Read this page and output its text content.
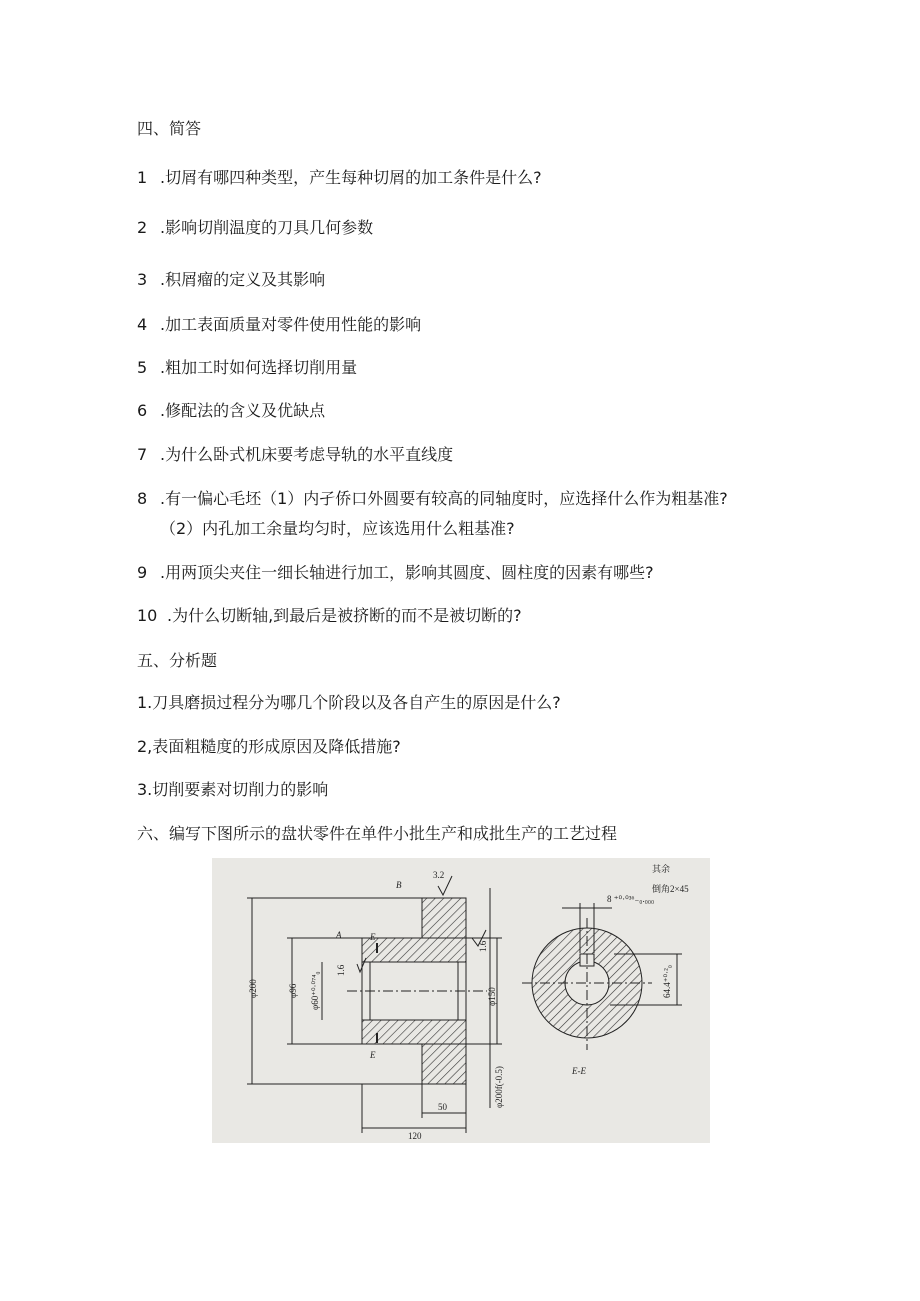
四、简答
1 .切屑有哪四种类型，产生每种切屑的加工条件是什么?
2 .影响切削温度的刀具几何参数
3 .积屑瘤的定义及其影响
4 .加工表面质量对零件使用性能的影响
5 .粗加工时如何选择切削用量
6 .修配法的含义及优缺点
7 .为什么卧式机床要考虑导轨的水平直线度
8 .有一偏心毛坯（1）内孑侨口外圆要有较高的同轴度时，应选择什么作为粗基准?
（2）内孔加工余量均匀时，应该选用什么粗基准?
9 .用两顶尖夹住一细长轴进行加工，影响其圆度、圆柱度的因素有哪些?
10 .为什么切断轴,到最后是被挤断的而不是被切断的?
五、分析题
1.刀具磨损过程分为哪几个阶段以及各自产生的原因是什么?
2,表面粗糙度的形成原因及降低措施?
3.切削要素对切削力的影响
六、编写下图所示的盘状零件在单件小批生产和成批生产的工艺过程
φ200	φ96 φ60⁺⁰·⁰⁷⁴₀	φ150
φ200f(-0.5)
50
120
A
B
E
E
3.2
1.6
1.6
E-E
8 ⁺⁰·⁰³⁶₋₀.₀₀₀
64.4⁺⁰·²₀
其余
倒角2×45
